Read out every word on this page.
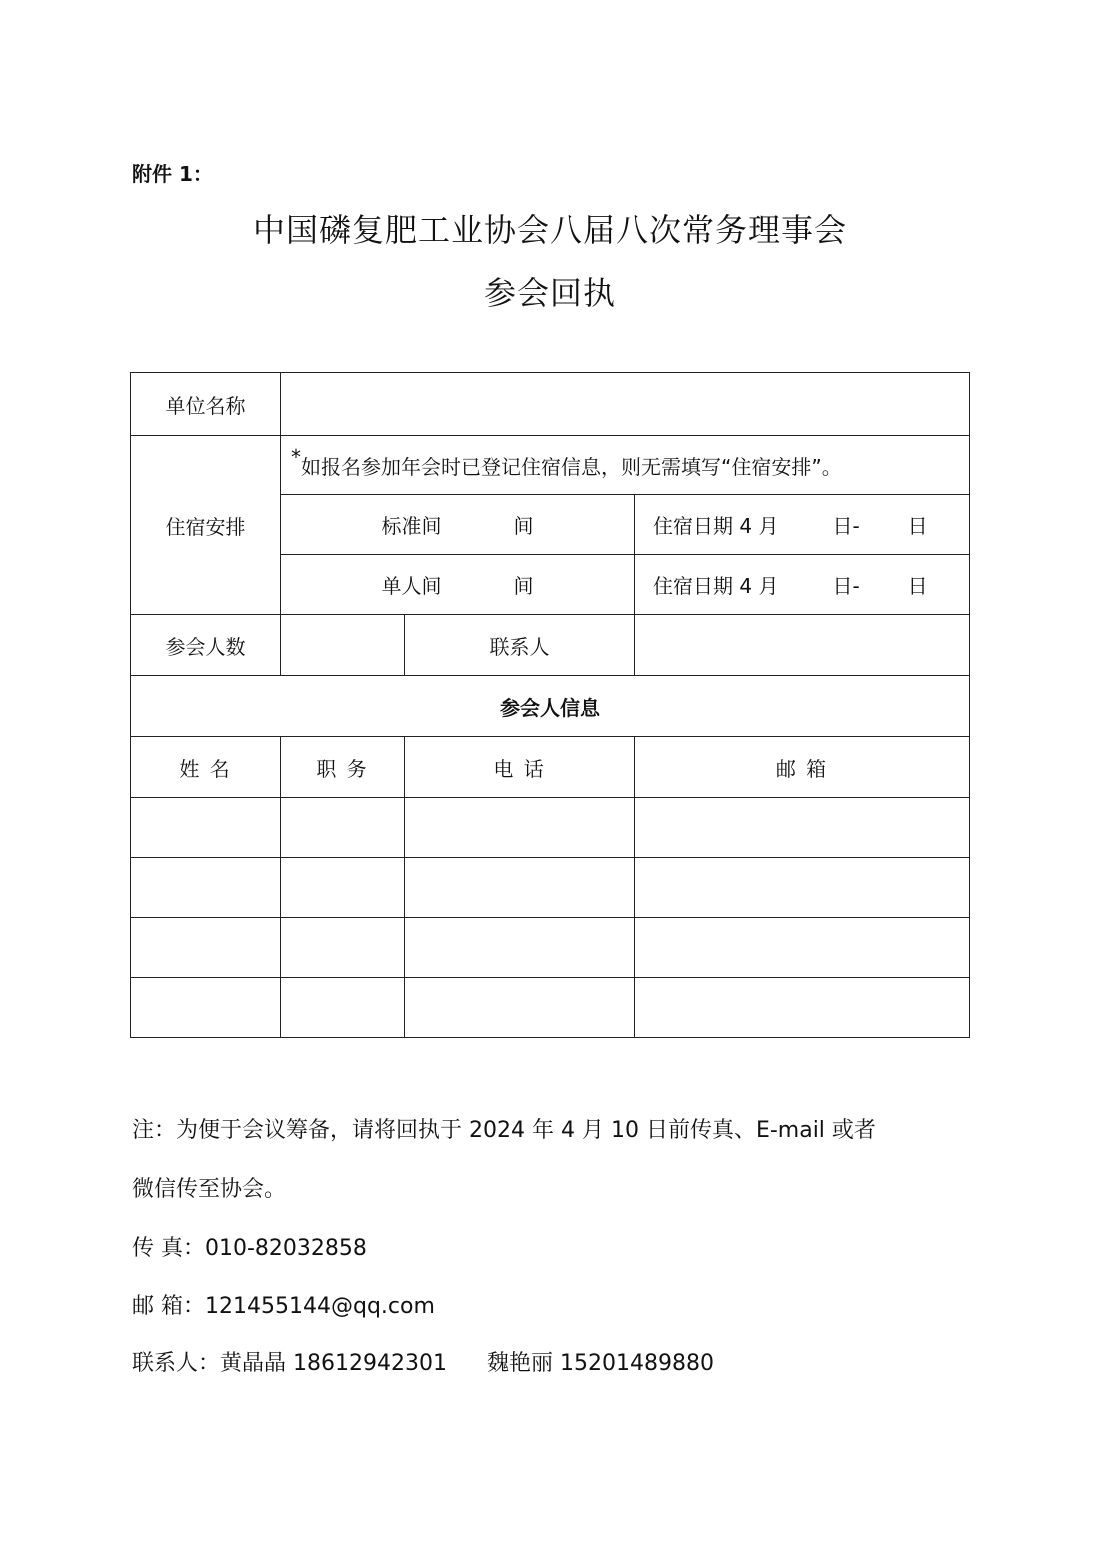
附件 1：
中国磷复肥工业协会八届八次常务理事会
参会回执
单位名称			
住宿安排	*如报名参加年会时已登记住宿信息，则无需填写“住宿安排”。		
	标准间 间		住宿日期 4 月 日- 日
	单人间 间		住宿日期 4 月 日- 日
参会人数		联系人	
参会人信息			
姓 名	职 务	电 话	邮 箱

注：为便于会议筹备，请将回执于 2024 年 4 月 10 日前传真、E-mail 或者
微信传至协会。
传 真：010-82032858
邮 箱：121455144@qq.com
联系人：黄晶晶 18612942301 魏艳丽 15201489880
